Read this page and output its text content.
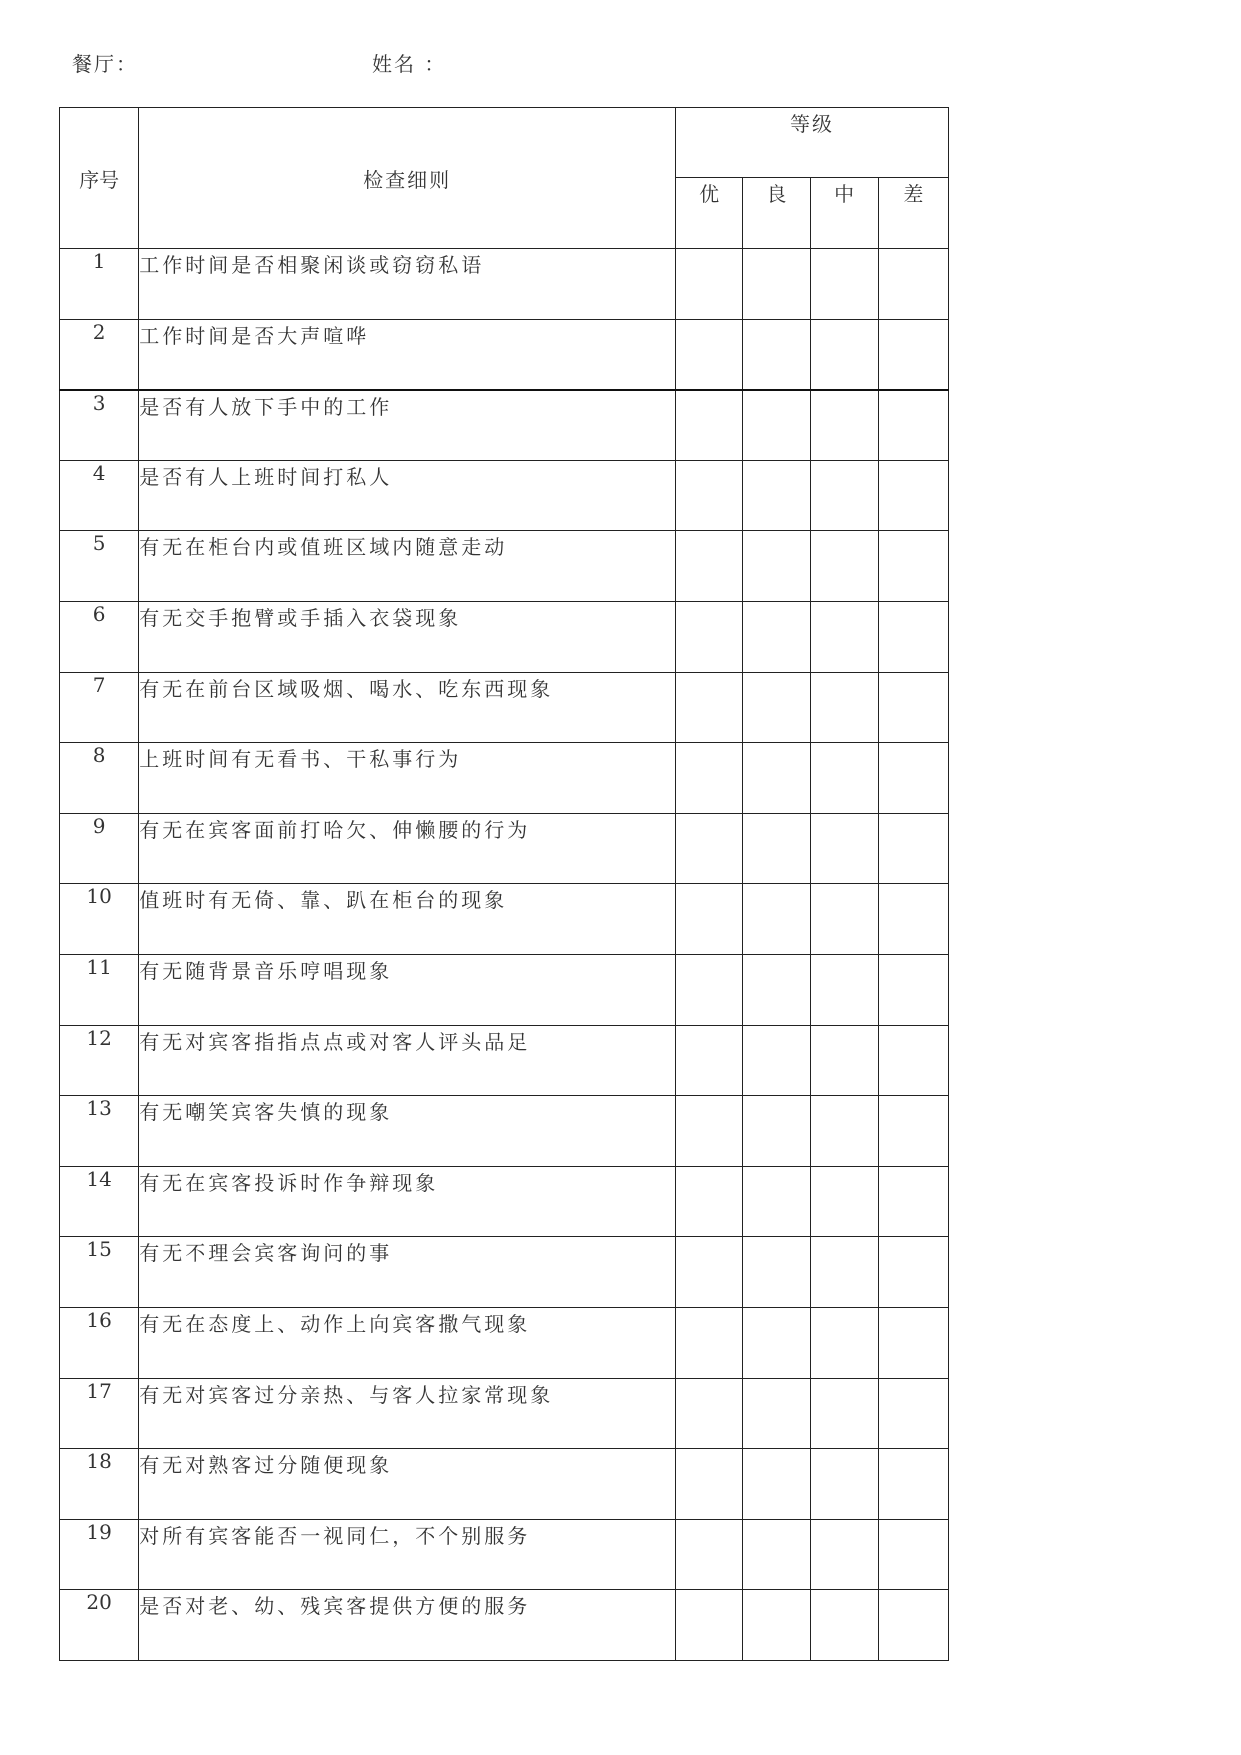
餐厅：	姓名 ：
序号	检查细则	等级			
		优	良	中	差
1	工作时间是否相聚闲谈或窃窃私语				
2	工作时间是否大声喧哗				
3	是否有人放下手中的工作				
4	是否有人上班时间打私人				
5	有无在柜台内或值班区域内随意走动				
6	有无交手抱臂或手插入衣袋现象				
7	有无在前台区域吸烟、喝水、吃东西现象				
8	上班时间有无看书、干私事行为				
9	有无在宾客面前打哈欠、伸懒腰的行为				
10	值班时有无倚、靠、趴在柜台的现象				
11	有无随背景音乐哼唱现象				
12	有无对宾客指指点点或对客人评头品足				
13	有无嘲笑宾客失慎的现象				
14	有无在宾客投诉时作争辩现象				
15	有无不理会宾客询问的事				
16	有无在态度上、动作上向宾客撒气现象				
17	有无对宾客过分亲热、与客人拉家常现象				
18	有无对熟客过分随便现象				
19	对所有宾客能否一视同仁，不个别服务				
20	是否对老、幼、残宾客提供方便的服务				
